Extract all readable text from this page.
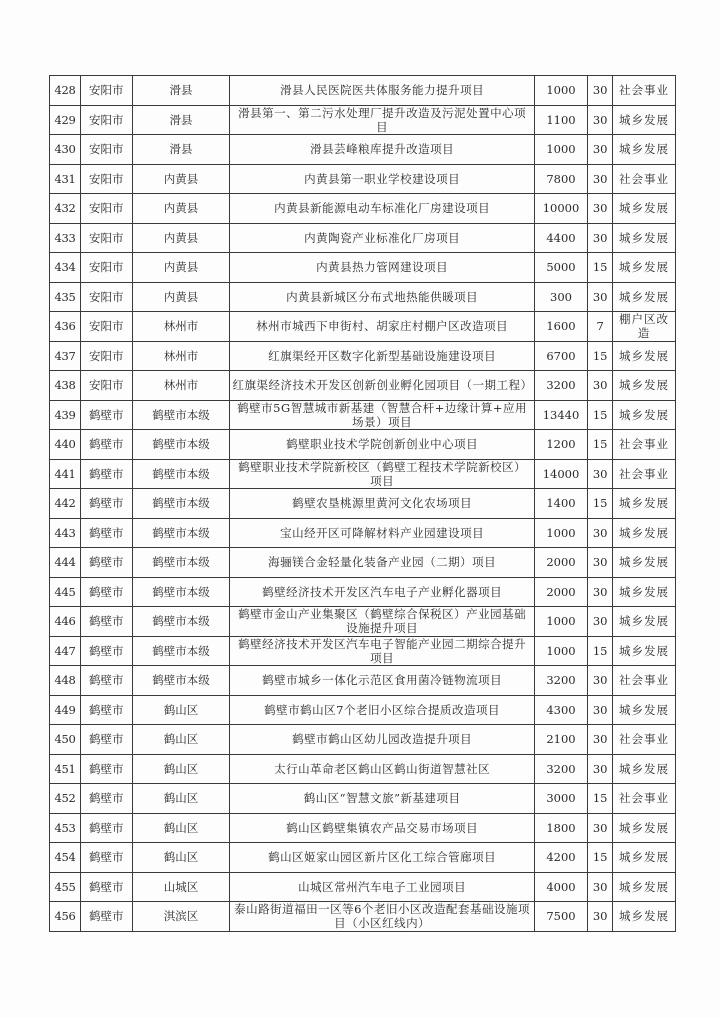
428	安阳市	滑县	滑县人民医院医共体服务能力提升项目	1000	30	社会事业
429	安阳市	滑县	滑县第一、第二污水处理厂提升改造及污泥处置中心项目	1100	30	城乡发展
430	安阳市	滑县	滑县芸峰粮库提升改造项目	1000	30	城乡发展
431	安阳市	内黄县	内黄县第一职业学校建设项目	7800	30	社会事业
432	安阳市	内黄县	内黄县新能源电动车标准化厂房建设项目	10000	30	城乡发展
433	安阳市	内黄县	内黄陶瓷产业标准化厂房项目	4400	30	城乡发展
434	安阳市	内黄县	内黄县热力管网建设项目	5000	15	城乡发展
435	安阳市	内黄县	内黄县新城区分布式地热能供暖项目	300	30	城乡发展
436	安阳市	林州市	林州市城西下申街村、胡家庄村棚户区改造项目	1600	7	棚户区改造
437	安阳市	林州市	红旗渠经开区数字化新型基础设施建设项目	6700	15	城乡发展
438	安阳市	林州市	红旗渠经济技术开发区创新创业孵化园项目（一期工程）	3200	30	城乡发展
439	鹤壁市	鹤壁市本级	鹤壁市5G智慧城市新基建（智慧合杆+边缘计算+应用场景）项目	13440	15	城乡发展
440	鹤壁市	鹤壁市本级	鹤壁职业技术学院创新创业中心项目	1200	15	社会事业
441	鹤壁市	鹤壁市本级	鹤壁职业技术学院新校区（鹤壁工程技术学院新校区）项目	14000	30	社会事业
442	鹤壁市	鹤壁市本级	鹤壁农垦桃源里黄河文化农场项目	1400	15	城乡发展
443	鹤壁市	鹤壁市本级	宝山经开区可降解材料产业园建设项目	1000	30	城乡发展
444	鹤壁市	鹤壁市本级	海骊镁合金轻量化装备产业园（二期）项目	2000	30	城乡发展
445	鹤壁市	鹤壁市本级	鹤壁经济技术开发区汽车电子产业孵化器项目	2000	30	城乡发展
446	鹤壁市	鹤壁市本级	鹤壁市金山产业集聚区（鹤壁综合保税区）产业园基础设施提升项目	1000	30	城乡发展
447	鹤壁市	鹤壁市本级	鹤壁经济技术开发区汽车电子智能产业园二期综合提升项目	1000	15	城乡发展
448	鹤壁市	鹤壁市本级	鹤壁市城乡一体化示范区食用菌冷链物流项目	3200	30	社会事业
449	鹤壁市	鹤山区	鹤壁市鹤山区7个老旧小区综合提质改造项目	4300	30	城乡发展
450	鹤壁市	鹤山区	鹤壁市鹤山区幼儿园改造提升项目	2100	30	社会事业
451	鹤壁市	鹤山区	太行山革命老区鹤山区鹤山街道智慧社区	3200	30	城乡发展
452	鹤壁市	鹤山区	鹤山区“智慧文旅”新基建项目	3000	15	社会事业
453	鹤壁市	鹤山区	鹤山区鹤壁集镇农产品交易市场项目	1800	30	城乡发展
454	鹤壁市	鹤山区	鹤山区姬家山园区新片区化工综合管廊项目	4200	15	城乡发展
455	鹤壁市	山城区	山城区常州汽车电子工业园项目	4000	30	城乡发展
456	鹤壁市	淇滨区	泰山路街道福田一区等6个老旧小区改造配套基础设施项目（小区红线内）	7500	30	城乡发展
